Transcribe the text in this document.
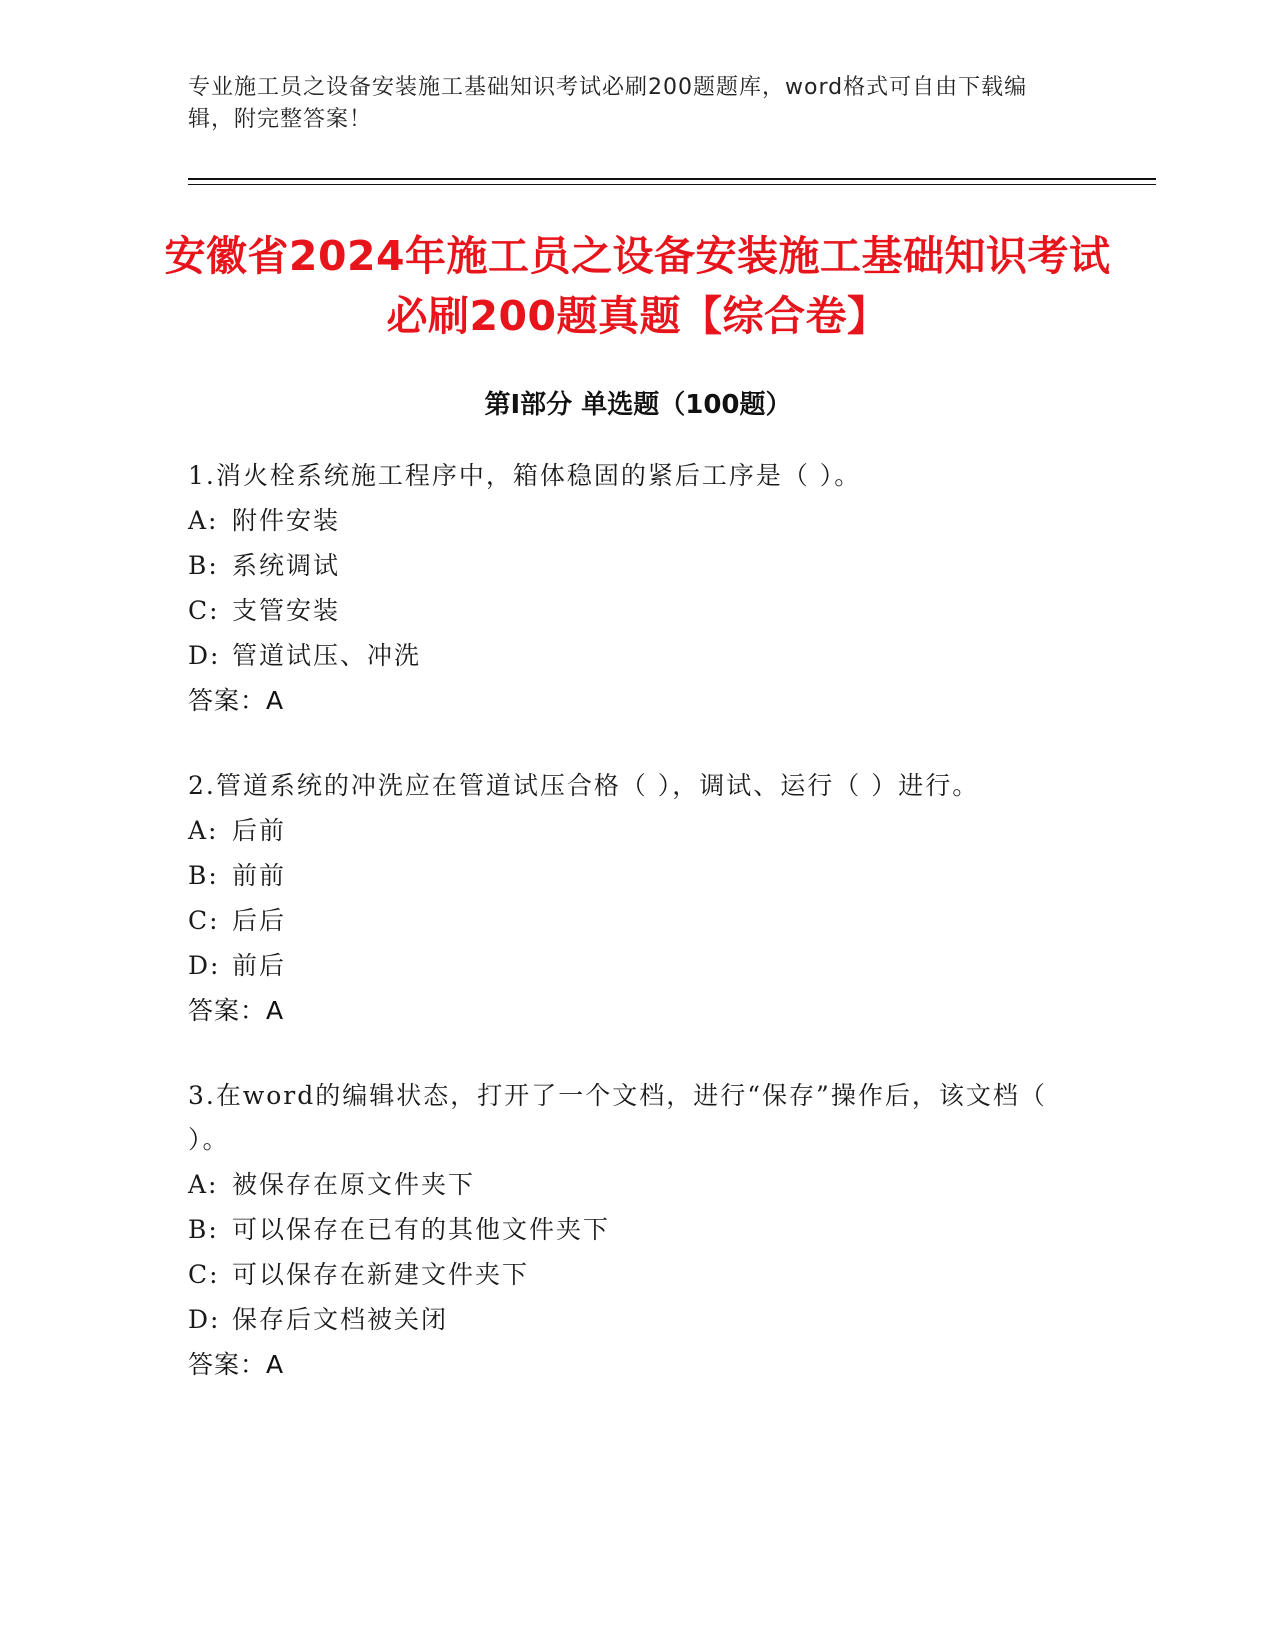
专业施工员之设备安装施工基础知识考试必刷200题题库，word格式可自由下载编辑，附完整答案！
安徽省2024年施工员之设备安装施工基础知识考试必刷200题真题【综合卷】
第I部分 单选题（100题）

1.消火栓系统施工程序中，箱体稳固的紧后工序是（ ）。

A: 附件安装

B: 系统调试

C: 支管安装

D: 管道试压、冲洗

答案：A

2.管道系统的冲洗应在管道试压合格（ ），调试、运行（ ）进行。

A: 后前

B: 前前

C: 后后

D: 前后

答案：A

3.在word的编辑状态，打开了一个文档，进行“保存”操作后，该文档（ ）。

A: 被保存在原文件夹下

B: 可以保存在已有的其他文件夹下

C: 可以保存在新建文件夹下

D: 保存后文档被关闭

答案：A
